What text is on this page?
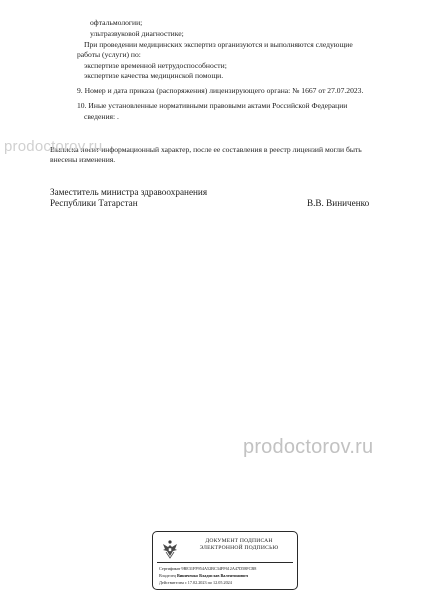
офтальмологии;
ультразвуковой диагностике;
При проведении медицинских экспертиз организуются и выполняются следующие
работы (услуги) по:
экспертизе временной нетрудоспособности;
экспертизе качества медицинской помощи.
9. Номер и дата приказа (распоряжения) лицензирующего органа: № 1667 от 27.07.2023.
10. Иные установленные нормативными правовыми актами Российской Федерации
сведения: .
Выписка носит информационный характер, после ее составления в реестр лицензий могли быть
внесены изменения.
prodoctorov.ru
Заместитель министра здравоохранения
Республики Татарстан	В.В. Виниченко
prodoctorov.ru
ДОКУМЕНТ ПОДПИСАН
ЭЛЕКТРОННОЙ ПОДПИСЬЮ
Сертификат 9BE31FF954A52BC34FF612A47D58FCB8
Владелец Виниченко Владислав Валентинович
Действителен с 17.02.2023 по 12.05.2024
